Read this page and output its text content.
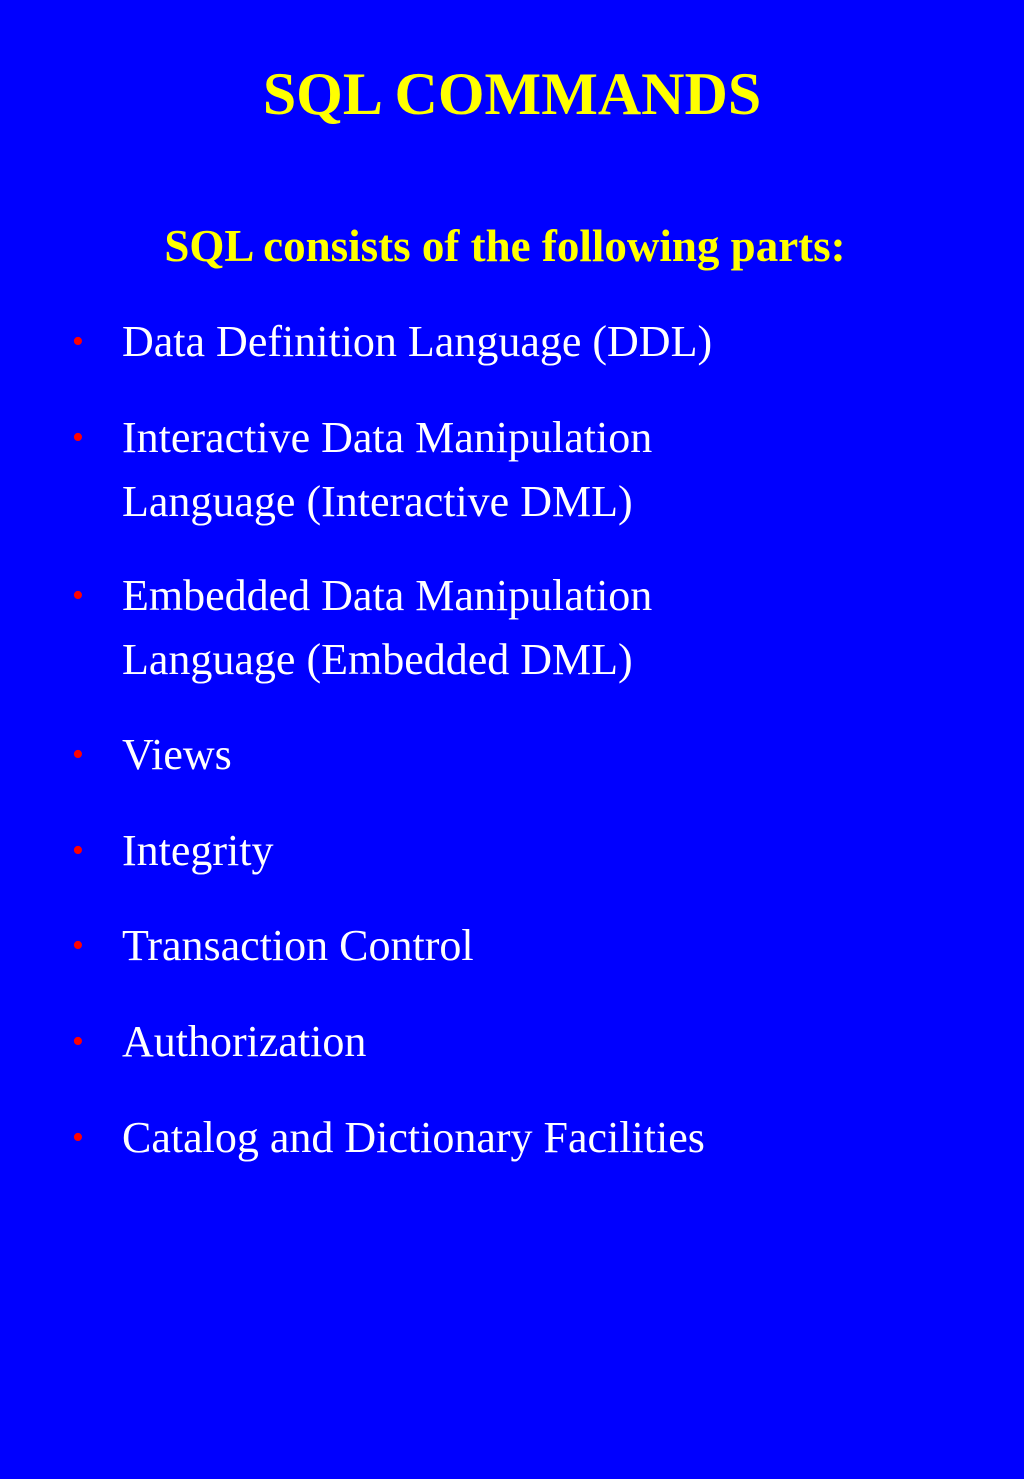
SQL COMMANDS
SQL consists of the following parts:
• Data Definition Language (DDL)
• Interactive Data Manipulation
Language (Interactive DML)
• Embedded Data Manipulation
Language (Embedded DML)
• Views
• Integrity
• Transaction Control
• Authorization
• Catalog and Dictionary Facilities
